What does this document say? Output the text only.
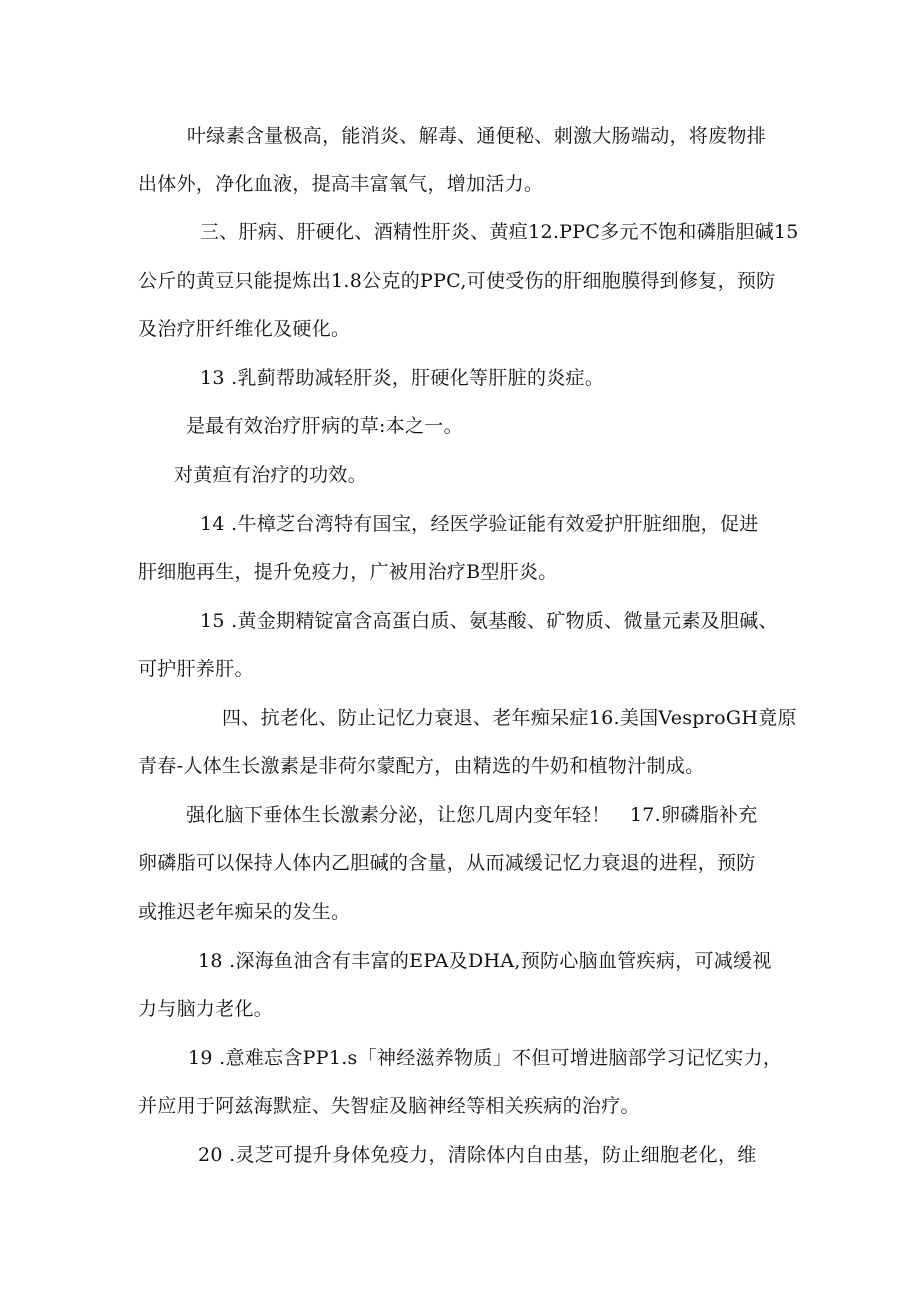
叶绿素含量极高，能消炎、解毒、通便秘、刺激大肠端动，将废物排
出体外，净化血液，提高丰富氧气，增加活力。
三、肝病、肝硬化、酒精性肝炎、黄疸12.PPC多元不饱和磷脂胆碱15
公斤的黄豆只能提炼出1.8公克的PPC,可使受伤的肝细胞膜得到修复，预防
及治疗肝纤维化及硬化。
13 .乳蓟帮助减轻肝炎，肝硬化等肝脏的炎症。
是最有效治疗肝病的草:本之一。
对黄疸有治疗的功效。
14 .牛樟芝台湾特有国宝，经医学验证能有效爱护肝脏细胞，促进
肝细胞再生，提升免疫力，广被用治疗B型肝炎。
15 .黄金期精锭富含高蛋白质、氨基酸、矿物质、微量元素及胆碱、
可护肝养肝。
四、抗老化、防止记忆力衰退、老年痴呆症16.美国VesproGH竟原
青春-人体生长激素是非荷尔蒙配方，由精选的牛奶和植物汁制成。
强化脑下垂体生长激素分泌，让您几周内变年轻！　17.卵磷脂补充
卵磷脂可以保持人体内乙胆碱的含量，从而减缓记忆力衰退的进程，预防
或推迟老年痴呆的发生。
18 .深海鱼油含有丰富的EPA及DHA,预防心脑血管疾病，可减缓视
力与脑力老化。
19 .意难忘含PP1.s「神经滋养物质」不但可增进脑部学习记忆实力，
并应用于阿兹海默症、失智症及脑神经等相关疾病的治疗。
20 .灵芝可提升身体免疫力，清除体内自由基，防止细胞老化，维
